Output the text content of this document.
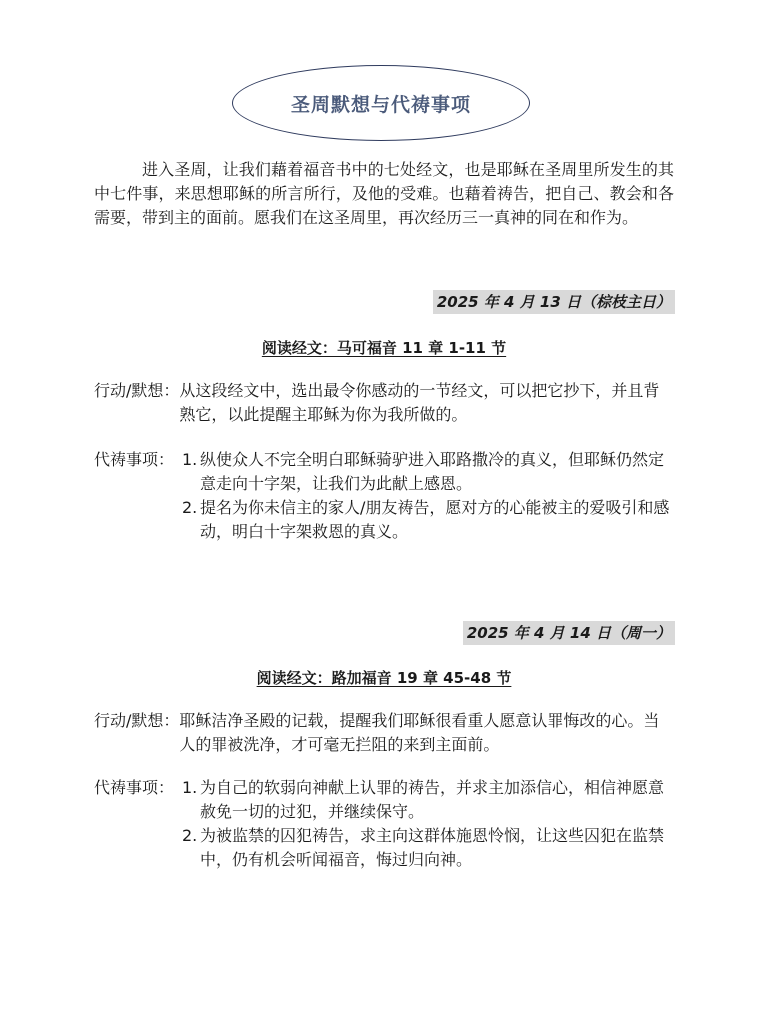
圣周默想与代祷事项
进入圣周，让我们藉着福音书中的七处经文，也是耶稣在圣周里所发生的其中七件事，来思想耶稣的所言所行，及他的受难。也藉着祷告，把自己、教会和各需要，带到主的面前。愿我们在这圣周里，再次经历三一真神的同在和作为。
2025 年 4 月 13 日（棕枝主日）
阅读经文：马可福音 11 章 1-11 节
行动/默想： 从这段经文中，选出最令你感动的一节经文，可以把它抄下，并且背熟它，以此提醒主耶稣为你为我所做的。
代祷事项： 1. 纵使众人不完全明白耶稣骑驴进入耶路撒冷的真义，但耶稣仍然定意走向十字架，让我们为此献上感恩。
2. 提名为你未信主的家人/朋友祷告，愿对方的心能被主的爱吸引和感动，明白十字架救恩的真义。
2025 年 4 月 14 日（周一）
阅读经文：路加福音 19 章 45-48 节
行动/默想： 耶稣洁净圣殿的记载，提醒我们耶稣很看重人愿意认罪悔改的心。当人的罪被洗净，才可毫无拦阻的来到主面前。
代祷事项： 1. 为自己的软弱向神献上认罪的祷告，并求主加添信心，相信神愿意赦免一切的过犯，并继续保守。
2. 为被监禁的囚犯祷告，求主向这群体施恩怜悯，让这些囚犯在监禁中，仍有机会听闻福音，悔过归向神。
